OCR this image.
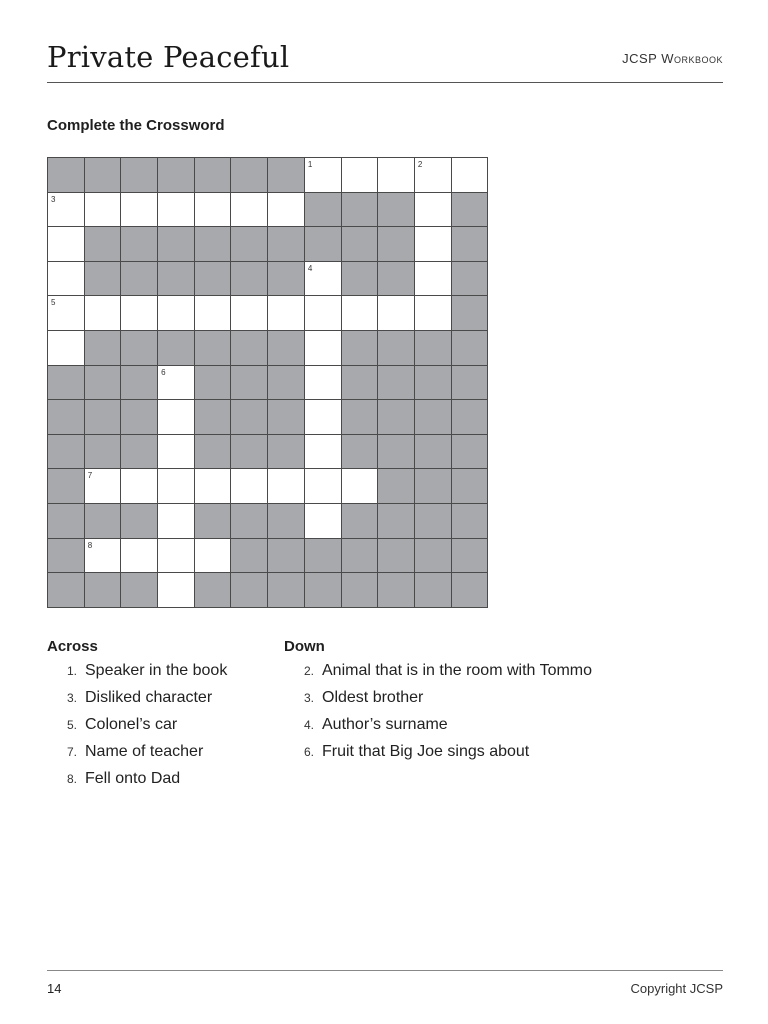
Private Peaceful	JCSP Workbook
Complete the Crossword
1	2
3
4
5
6
7
8
Across
1. Speaker in the book
3. Disliked character
5. Colonel’s car
7. Name of teacher
8. Fell onto Dad
Down
2. Animal that is in the room with Tommo
3. Oldest brother
4. Author’s surname
6. Fruit that Big Joe sings about
14	Copyright JCSP
